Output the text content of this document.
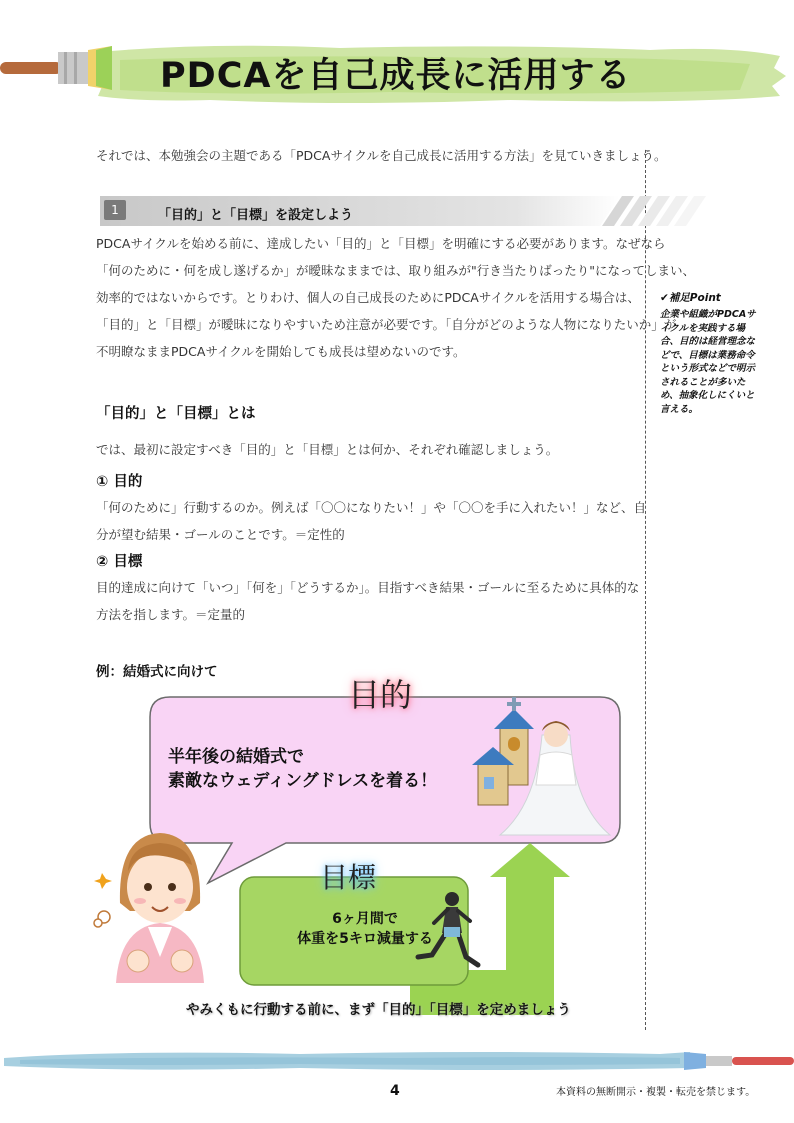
PDCAを自己成長に活用する
それでは、本勉強会の主題である「PDCAサイクルを自己成長に活用する方法」を見ていきましょう。
1	「目的」と「目標」を設定しよう
PDCAサイクルを始める前に、達成したい「目的」と「目標」を明確にする必要があります。なぜなら
「何のために・何を成し遂げるか」が曖昧なままでは、取り組みが"行き当たりばったり"になってしまい、
効率的ではないからです。とりわけ、個人の自己成長のためにPDCAサイクルを活用する場合は、
「目的」と「目標」が曖昧になりやすいため注意が必要です。「自分がどのような人物になりたいか」が
不明瞭なままPDCAサイクルを開始しても成長は望めないのです。
✔補足Point
企業や組織がPDCAサイクルを実践する場合、目的は経営理念などで、目標は業務命令という形式などで明示されることが多いため、抽象化しにくいと言える。
「目的」と「目標」とは
では、最初に設定すべき「目的」と「目標」とは何か、それぞれ確認しましょう。
① 目的
「何のために」行動するのか。例えば「〇〇になりたい！」や「〇〇を手に入れたい！」など、自
分が望む結果・ゴールのことです。＝定性的
② 目標
目的達成に向けて「いつ」「何を」「どうするか」。目指すべき結果・ゴールに至るために具体的な
方法を指します。＝定量的
例：結婚式に向けて
目的
半年後の結婚式で
素敵なウェディングドレスを着る！
目標
6ヶ月間で
体重を5キロ減量する
やみくもに行動する前に、まず「目的」「目標」を定めましょう
4	本資料の無断開示・複製・転売を禁じます。
